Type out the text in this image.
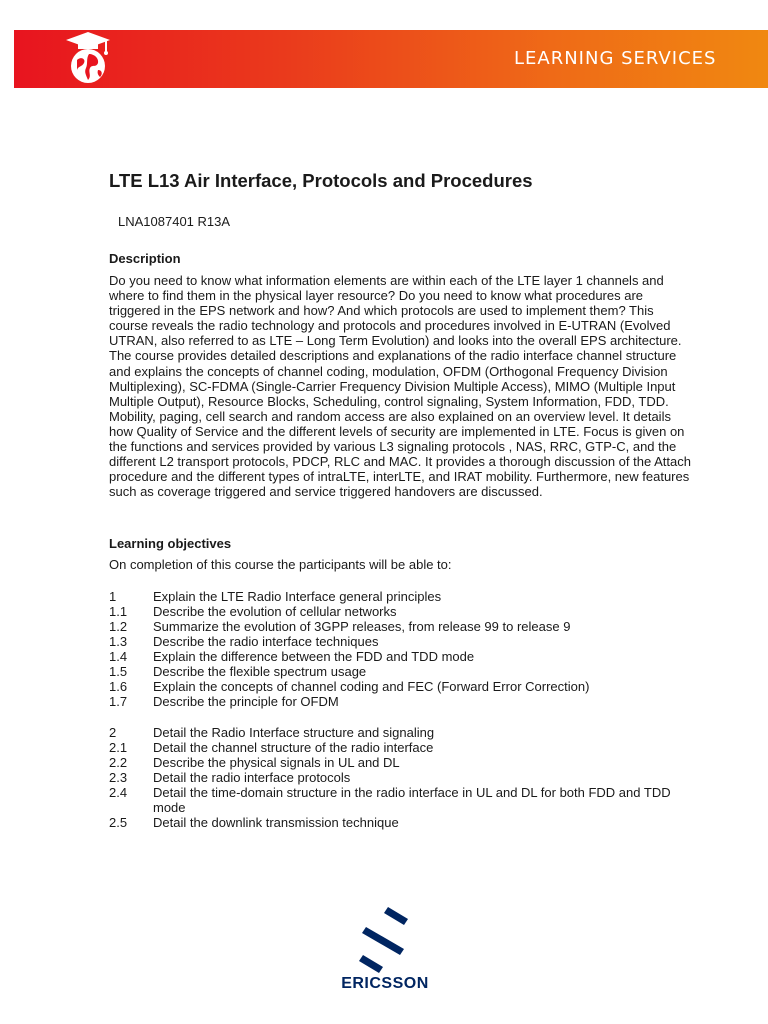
LEARNING SERVICES
LTE L13 Air Interface, Protocols and Procedures
LNA1087401 R13A
Description
Do you need to know what information elements are within each of the LTE layer 1 channels and where to find them in the physical layer resource? Do you need to know what procedures are triggered in the EPS network and how? And which protocols are used to implement them? This course reveals the radio technology and protocols and procedures involved in E-UTRAN (Evolved UTRAN, also referred to as LTE – Long Term Evolution) and looks into the overall EPS architecture. The course provides detailed descriptions and explanations of the radio interface channel structure and explains the concepts of channel coding, modulation, OFDM (Orthogonal Frequency Division Multiplexing), SC-FDMA (Single-Carrier Frequency Division Multiple Access), MIMO (Multiple Input Multiple Output), Resource Blocks, Scheduling, control signaling, System Information, FDD, TDD. Mobility, paging, cell search and random access are also explained on an overview level. It details how Quality of Service and the different levels of security are implemented in LTE. Focus is given on the functions and services provided by various L3 signaling protocols , NAS, RRC, GTP-C, and the different L2 transport protocols, PDCP, RLC and MAC. It provides a thorough discussion of the Attach procedure and the different types of intraLTE, interLTE, and IRAT mobility. Furthermore, new features such as coverage triggered and service triggered handovers are discussed.
Learning objectives
On completion of this course the participants will be able to:
1	Explain the LTE Radio Interface general principles
1.1	Describe the evolution of cellular networks
1.2	Summarize the evolution of 3GPP releases, from release 99 to release 9
1.3	Describe the radio interface techniques
1.4	Explain the difference between the FDD and TDD mode
1.5	Describe the flexible spectrum usage
1.6	Explain the concepts of channel coding and FEC (Forward Error Correction)
1.7	Describe the principle for OFDM
2	Detail the Radio Interface structure and signaling
2.1	Detail the channel structure of the radio interface
2.2	Describe the physical signals in UL and DL
2.3	Detail the radio interface protocols
2.4	Detail the time-domain structure in the radio interface in UL and DL for both FDD and TDD mode
2.5	Detail the downlink transmission technique
ERICSSON
